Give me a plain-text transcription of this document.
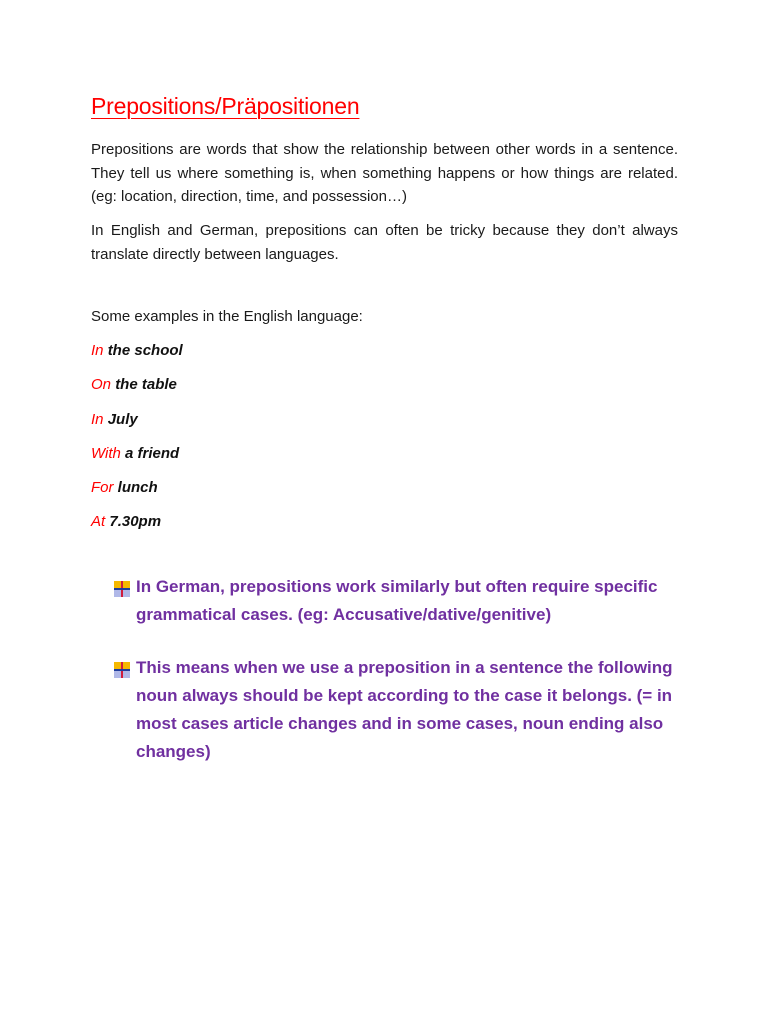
Prepositions/Präpositionen

Prepositions are words that show the relationship between other words in a sentence. They tell us where something is, when something happens or how things are related. (eg: location, direction, time, and possession…)

In English and German, prepositions can often be tricky because they don’t always translate directly between languages.

Some examples in the English language:

In the school
On the table
In July
With a friend
For lunch
At 7.30pm
In German, prepositions work similarly but often require specific grammatical cases. (eg: Accusative/dative/genitive)
This means when we use a preposition in a sentence the following noun always should be kept according to the case it belongs. (= in most cases article changes and in some cases, noun ending also changes)
